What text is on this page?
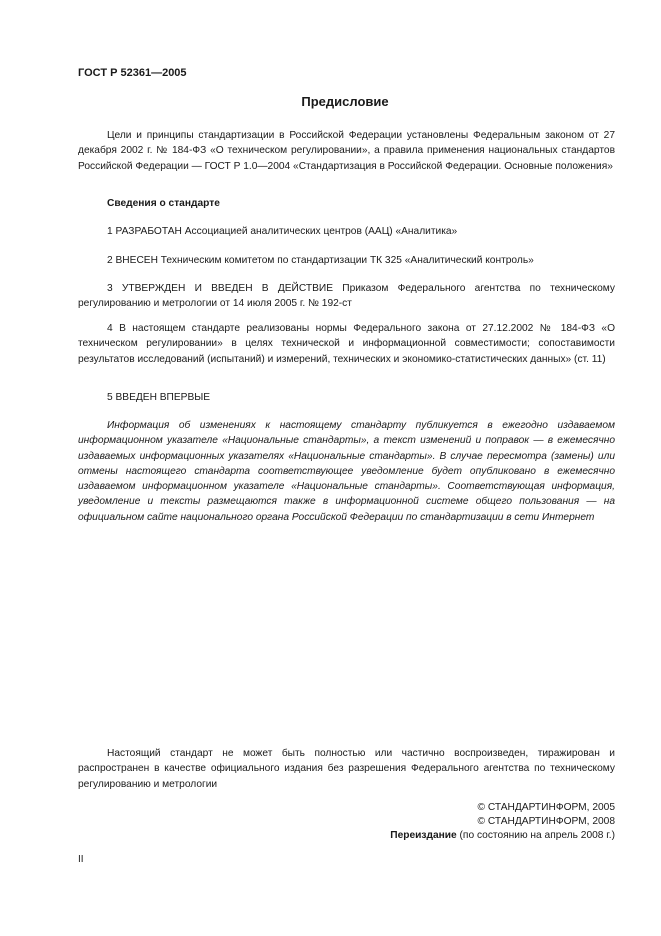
ГОСТ Р 52361—2005
Предисловие
Цели и принципы стандартизации в Российской Федерации установлены Федеральным законом от 27 декабря 2002 г. № 184-ФЗ «О техническом регулировании», а правила применения национальных стандартов Российской Федерации — ГОСТ Р 1.0—2004 «Стандартизация в Российской Федерации. Основные положения»
Сведения о стандарте
1 РАЗРАБОТАН Ассоциацией аналитических центров (ААЦ) «Аналитика»
2 ВНЕСЕН Техническим комитетом по стандартизации ТК 325 «Аналитический контроль»
3 УТВЕРЖДЕН И ВВЕДЕН В ДЕЙСТВИЕ Приказом Федерального агентства по техническому регулированию и метрологии от 14 июля 2005 г. № 192-ст
4 В настоящем стандарте реализованы нормы Федерального закона от 27.12.2002 № 184-ФЗ «О техническом регулировании» в целях технической и информационной совместимости; сопоставимости результатов исследований (испытаний) и измерений, технических и экономико-статистических данных» (ст. 11)
5 ВВЕДЕН ВПЕРВЫЕ
Информация об изменениях к настоящему стандарту публикуется в ежегодно издаваемом информационном указателе «Национальные стандарты», а текст изменений и поправок — в ежемесячно издаваемых информационных указателях «Национальные стандарты». В случае пересмотра (замены) или отмены настоящего стандарта соответствующее уведомление будет опубликовано в ежемесячно издаваемом информационном указателе «Национальные стандарты». Соответствующая информация, уведомление и тексты размещаются также в информационной системе общего пользования — на официальном сайте национального органа Российской Федерации по стандартизации в сети Интернет
Настоящий стандарт не может быть полностью или частично воспроизведен, тиражирован и распространен в качестве официального издания без разрешения Федерального агентства по техническому регулированию и метрологии
© СТАНДАРТИНФОРМ, 2005
© СТАНДАРТИНФОРМ, 2008
Переиздание (по состоянию на апрель 2008 г.)
II
